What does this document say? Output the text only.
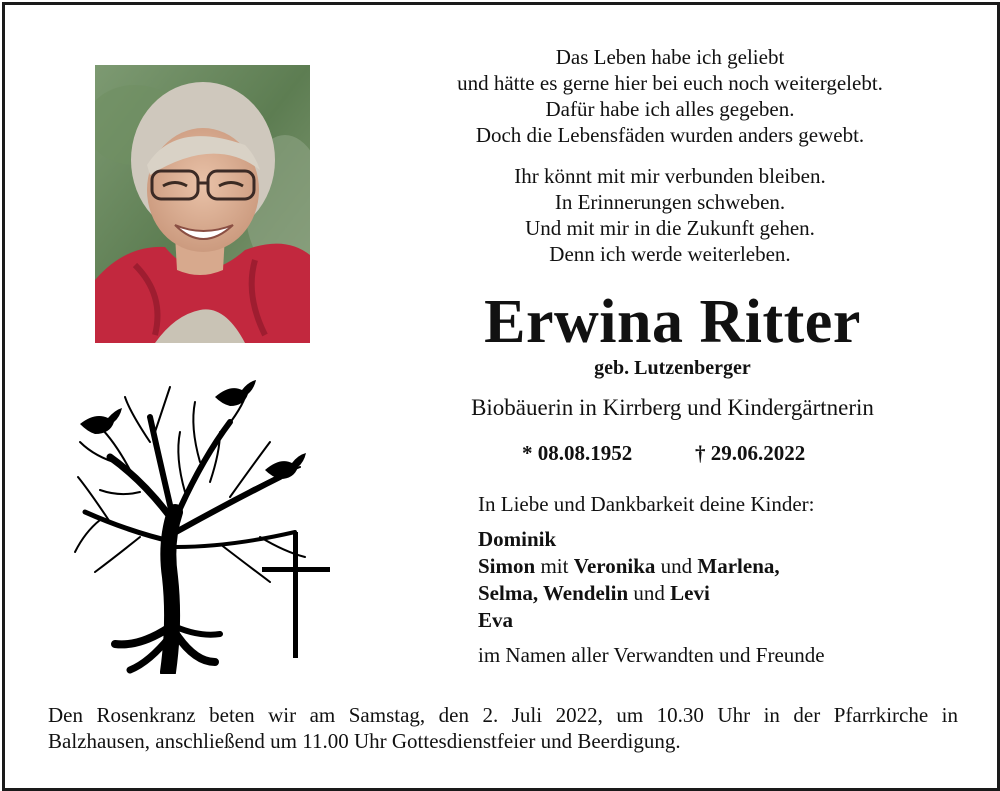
Das Leben habe ich geliebt
und hätte es gerne hier bei euch noch weitergelebt.
Dafür habe ich alles gegeben.
Doch die Lebensfäden wurden anders gewebt.
Ihr könnt mit mir verbunden bleiben.
In Erinnerungen schweben.
Und mit mir in die Zukunft gehen.
Denn ich werde weiterleben.
Erwina Ritter
geb. Lutzenberger
Biobäuerin in Kirrberg und Kindergärtnerin
* 08.08.1952	† 29.06.2022
In Liebe und Dankbarkeit deine Kinder:
Dominik
Simon mit Veronika und Marlena,
Selma, Wendelin und Levi
Eva
im Namen aller Verwandten und Freunde
Den Rosenkranz beten wir am Samstag, den 2. Juli 2022, um 10.30 Uhr in der Pfarrkirche in
Balzhausen, anschließend um 11.00 Uhr Gottesdienstfeier und Beerdigung.
